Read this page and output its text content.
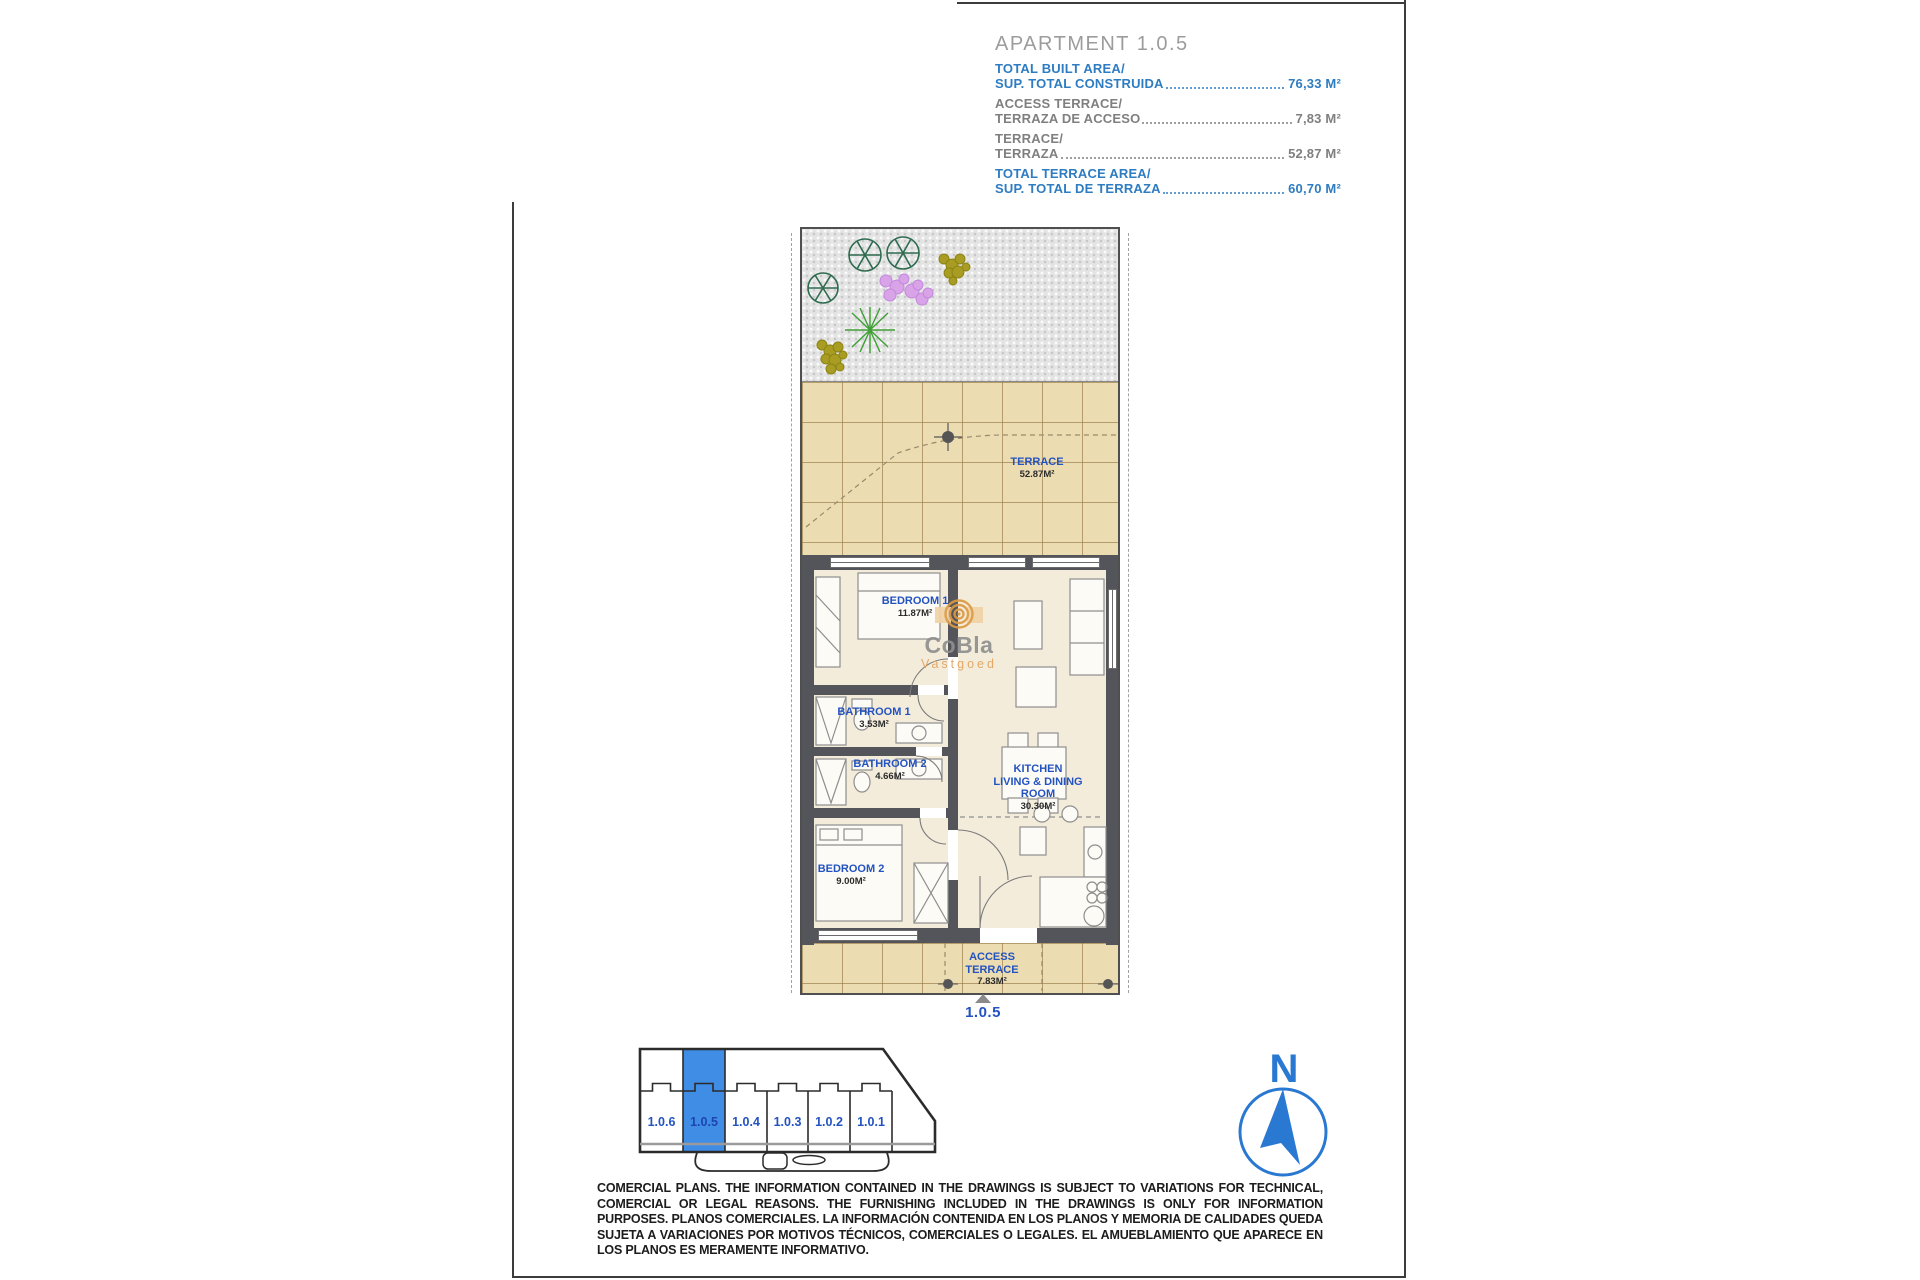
APARTMENT 1.0.5
TOTAL BUILT AREA/
SUP. TOTAL CONSTRUIDA	76,33 M²
ACCESS TERRACE/
TERRAZA DE ACCESO	7,83 M²
TERRACE/
TERRAZA	52,87 M²
TOTAL TERRACE AREA/
SUP. TOTAL DE TERRAZA	60,70 M²
TERRACE
52.87M²
BEDROOM 1
11.87M²
BATHROOM 1
3.53M²
BATHROOM 2
4.66M²
KITCHEN
LIVING & DINING
ROOM
30.30M²
BEDROOM 2
9.00M²
ACCESS
TERRACE
7.83M²
1.0.5
CoBla
Vastgoed
1.0.6 1.0.5 1.0.4 1.0.3 1.0.2 1.0.1
N

COMERCIAL PLANS. THE INFORMATION CONTAINED IN THE DRAWINGS IS SUBJECT TO VARIATIONS FOR TECHNICAL, COMERCIAL OR LEGAL REASONS. THE FURNISHING INCLUDED IN THE DRAWINGS IS ONLY FOR INFORMATION PURPOSES. PLANOS COMERCIALES. LA INFORMACIÓN CONTENIDA EN LOS PLANOS Y MEMORIA DE CALIDADES QUEDA SUJETA A VARIACIONES POR MOTIVOS TÉCNICOS, COMERCIALES O LEGALES. EL AMUEBLAMIENTO QUE APARECE EN LOS PLANOS ES MERAMENTE INFORMATIVO.
